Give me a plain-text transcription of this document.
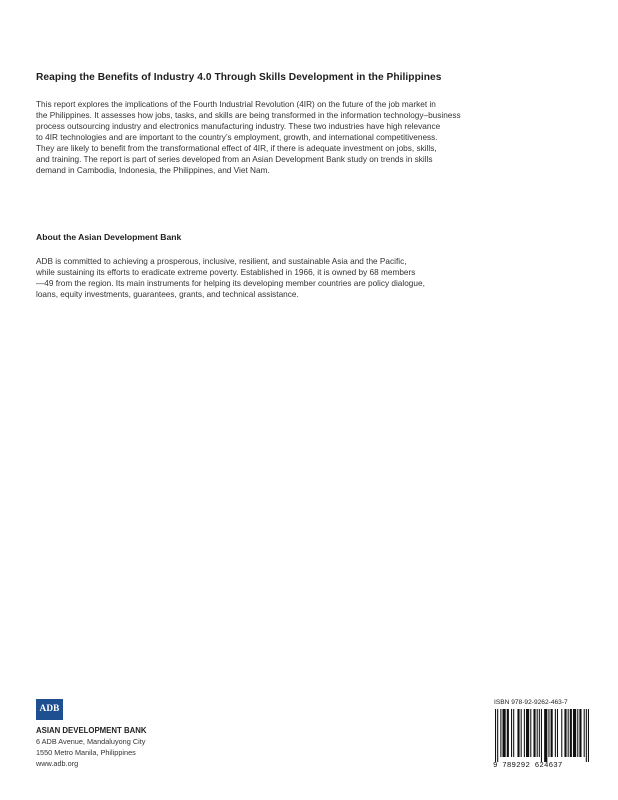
Reaping the Benefits of Industry 4.0 Through Skills Development in the Philippines
This report explores the implications of the Fourth Industrial Revolution (4IR) on the future of the job market in
the Philippines. It assesses how jobs, tasks, and skills are being transformed in the information technology–business
process outsourcing industry and electronics manufacturing industry. These two industries have high relevance
to 4IR technologies and are important to the country’s employment, growth, and international competitiveness.
They are likely to benefit from the transformational effect of 4IR, if there is adequate investment on jobs, skills,
and training. The report is part of series developed from an Asian Development Bank study on trends in skills
demand in Cambodia, Indonesia, the Philippines, and Viet Nam.
About the Asian Development Bank
ADB is committed to achieving a prosperous, inclusive, resilient, and sustainable Asia and the Pacific,
while sustaining its efforts to eradicate extreme poverty. Established in 1966, it is owned by 68 members
—49 from the region. Its main instruments for helping its developing member countries are policy dialogue,
loans, equity investments, guarantees, grants, and technical assistance.
ADB
ASIAN DEVELOPMENT BANK
6 ADB Avenue, Mandaluyong City
1550 Metro Manila, Philippines
www.adb.org
ISBN 978-92-9262-463-7
9 789292 624637
